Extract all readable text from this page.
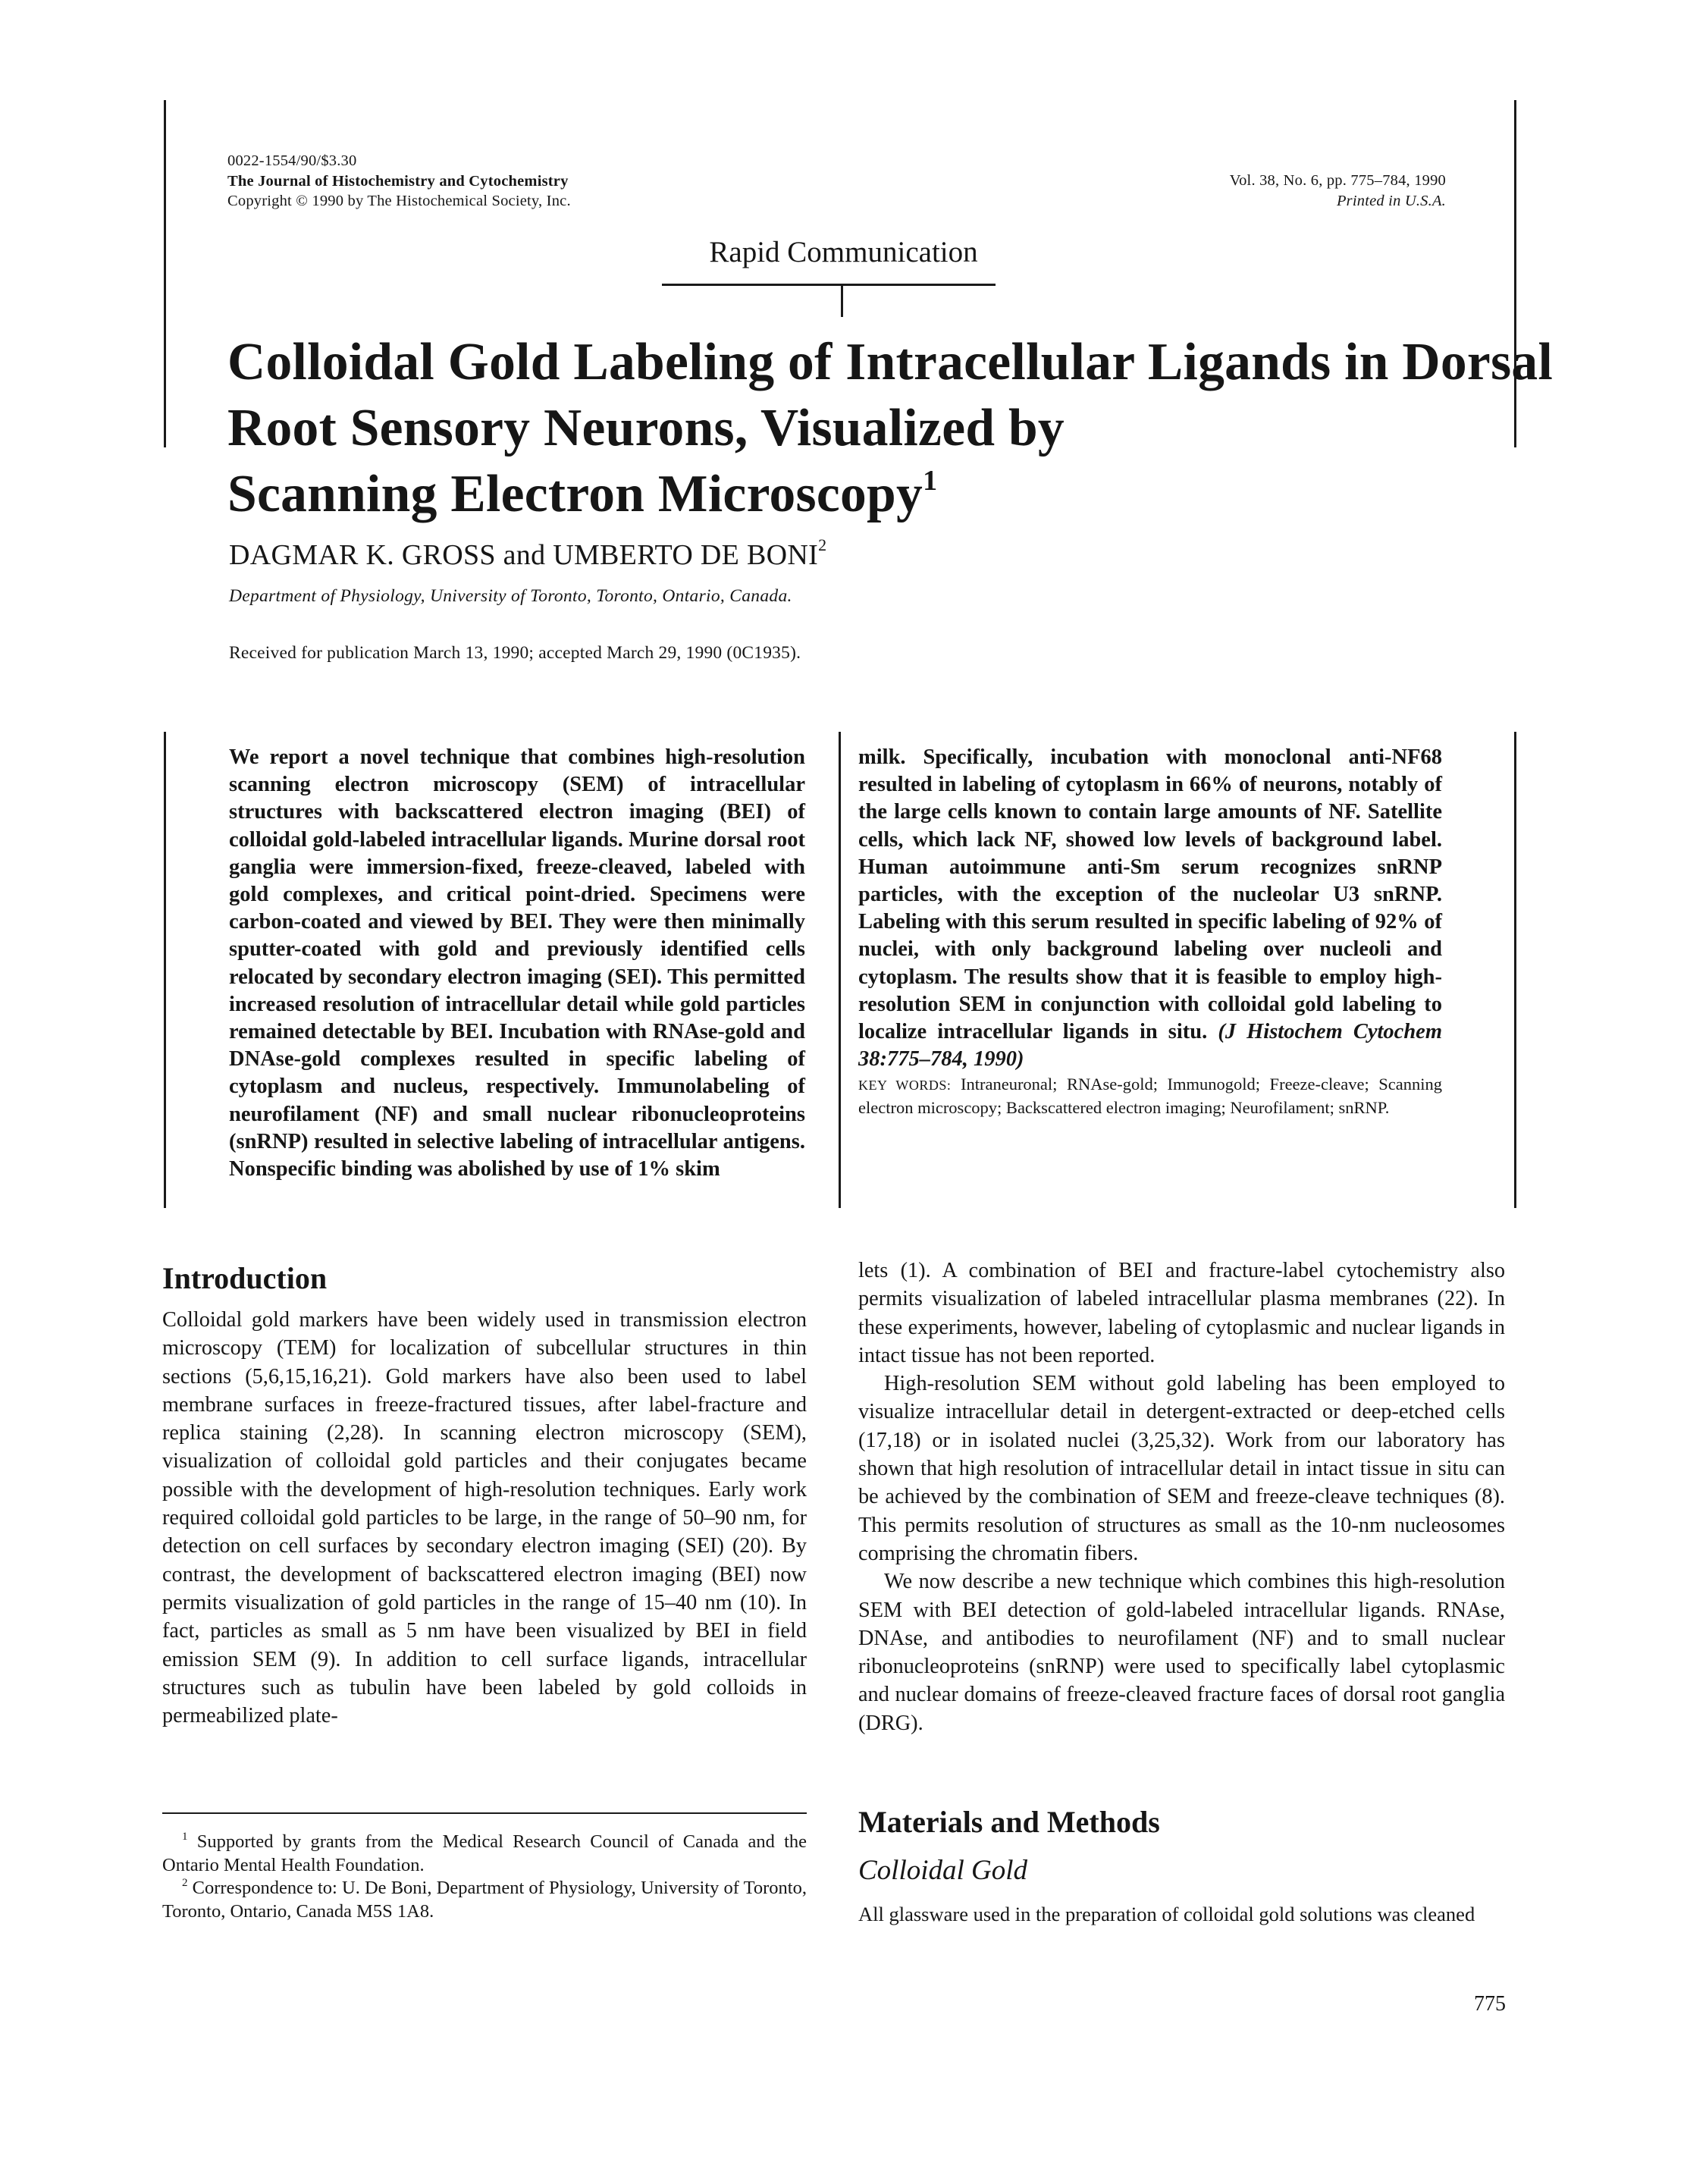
0022-1554/90/$3.30
The Journal of Histochemistry and Cytochemistry
Copyright © 1990 by The Histochemical Society, Inc.
Vol. 38, No. 6, pp. 775–784, 1990
Printed in U.S.A.
Rapid Communication
Colloidal Gold Labeling of Intracellular Ligands in Dorsal
Root Sensory Neurons, Visualized by
Scanning Electron Microscopy$^1$
DAGMAR K. GROSS and UMBERTO DE BONI$^2$
Department of Physiology, University of Toronto, Toronto, Ontario, Canada.
Received for publication March 13, 1990; accepted March 29, 1990 (0C1935).
We report a novel technique that combines high-resolution scanning electron microscopy (SEM) of intracellular structures with backscattered electron imaging (BEI) of colloidal gold-labeled intracellular ligands. Murine dorsal root ganglia were immersion-fixed, freeze-cleaved, labeled with gold complexes, and critical point-dried. Specimens were carbon-coated and viewed by BEI. They were then minimally sputter-coated with gold and previously identified cells relocated by secondary electron imaging (SEI). This permitted increased resolution of intracellular detail while gold particles remained detectable by BEI. Incubation with RNAse-gold and DNAse-gold complexes resulted in specific labeling of cytoplasm and nucleus, respectively. Immunolabeling of neurofilament (NF) and small nuclear ribonucleoproteins (snRNP) resulted in selective labeling of intracellular antigens. Nonspecific binding was abolished by use of 1% skim
milk. Specifically, incubation with monoclonal anti-NF68 resulted in labeling of cytoplasm in 66% of neurons, notably of the large cells known to contain large amounts of NF. Satellite cells, which lack NF, showed low levels of background label. Human autoimmune anti-Sm serum recognizes snRNP particles, with the exception of the nucleolar U3 snRNP. Labeling with this serum resulted in specific labeling of 92% of nuclei, with only background labeling over nucleoli and cytoplasm. The results show that it is feasible to employ high-resolution SEM in conjunction with colloidal gold labeling to localize intracellular ligands in situ. (J Histochem Cytochem 38:775–784, 1990)
KEY WORDS: Intraneuronal; RNAse-gold; Immunogold; Freeze-cleave; Scanning electron microscopy; Backscattered electron imaging; Neurofilament; snRNP.
Introduction

Colloidal gold markers have been widely used in transmission electron microscopy (TEM) for localization of subcellular structures in thin sections (5,6,15,16,21). Gold markers have also been used to label membrane surfaces in freeze-fractured tissues, after label-fracture and replica staining (2,28). In scanning electron microscopy (SEM), visualization of colloidal gold particles and their conjugates became possible with the development of high-resolution techniques. Early work required colloidal gold particles to be large, in the range of 50–90 nm, for detection on cell surfaces by secondary electron imaging (SEI) (20). By contrast, the development of backscattered electron imaging (BEI) now permits visualization of gold particles in the range of 15–40 nm (10). In fact, particles as small as 5 nm have been visualized by BEI in field emission SEM (9). In addition to cell surface ligands, intracellular structures such as tubulin have been labeled by gold colloids in permeabilized plate-

lets (1). A combination of BEI and fracture-label cytochemistry also permits visualization of labeled intracellular plasma membranes (22). In these experiments, however, labeling of cytoplasmic and nuclear ligands in intact tissue has not been reported.

High-resolution SEM without gold labeling has been employed to visualize intracellular detail in detergent-extracted or deep-etched cells (17,18) or in isolated nuclei (3,25,32). Work from our laboratory has shown that high resolution of intracellular detail in intact tissue in situ can be achieved by the combination of SEM and freeze-cleave techniques (8). This permits resolution of structures as small as the 10-nm nucleosomes comprising the chromatin fibers.

We now describe a new technique which combines this high-resolution SEM with BEI detection of gold-labeled intracellular ligands. RNAse, DNAse, and antibodies to neurofilament (NF) and to small nuclear ribonucleoproteins (snRNP) were used to specifically label cytoplasmic and nuclear domains of freeze-cleaved fracture faces of dorsal root ganglia (DRG).

$^1$ Supported by grants from the Medical Research Council of Canada and the Ontario Mental Health Foundation.

$^2$ Correspondence to: U. De Boni, Department of Physiology, University of Toronto, Toronto, Ontario, Canada M5S 1A8.

Materials and Methods
Colloidal Gold
All glassware used in the preparation of colloidal gold solutions was cleaned
775
